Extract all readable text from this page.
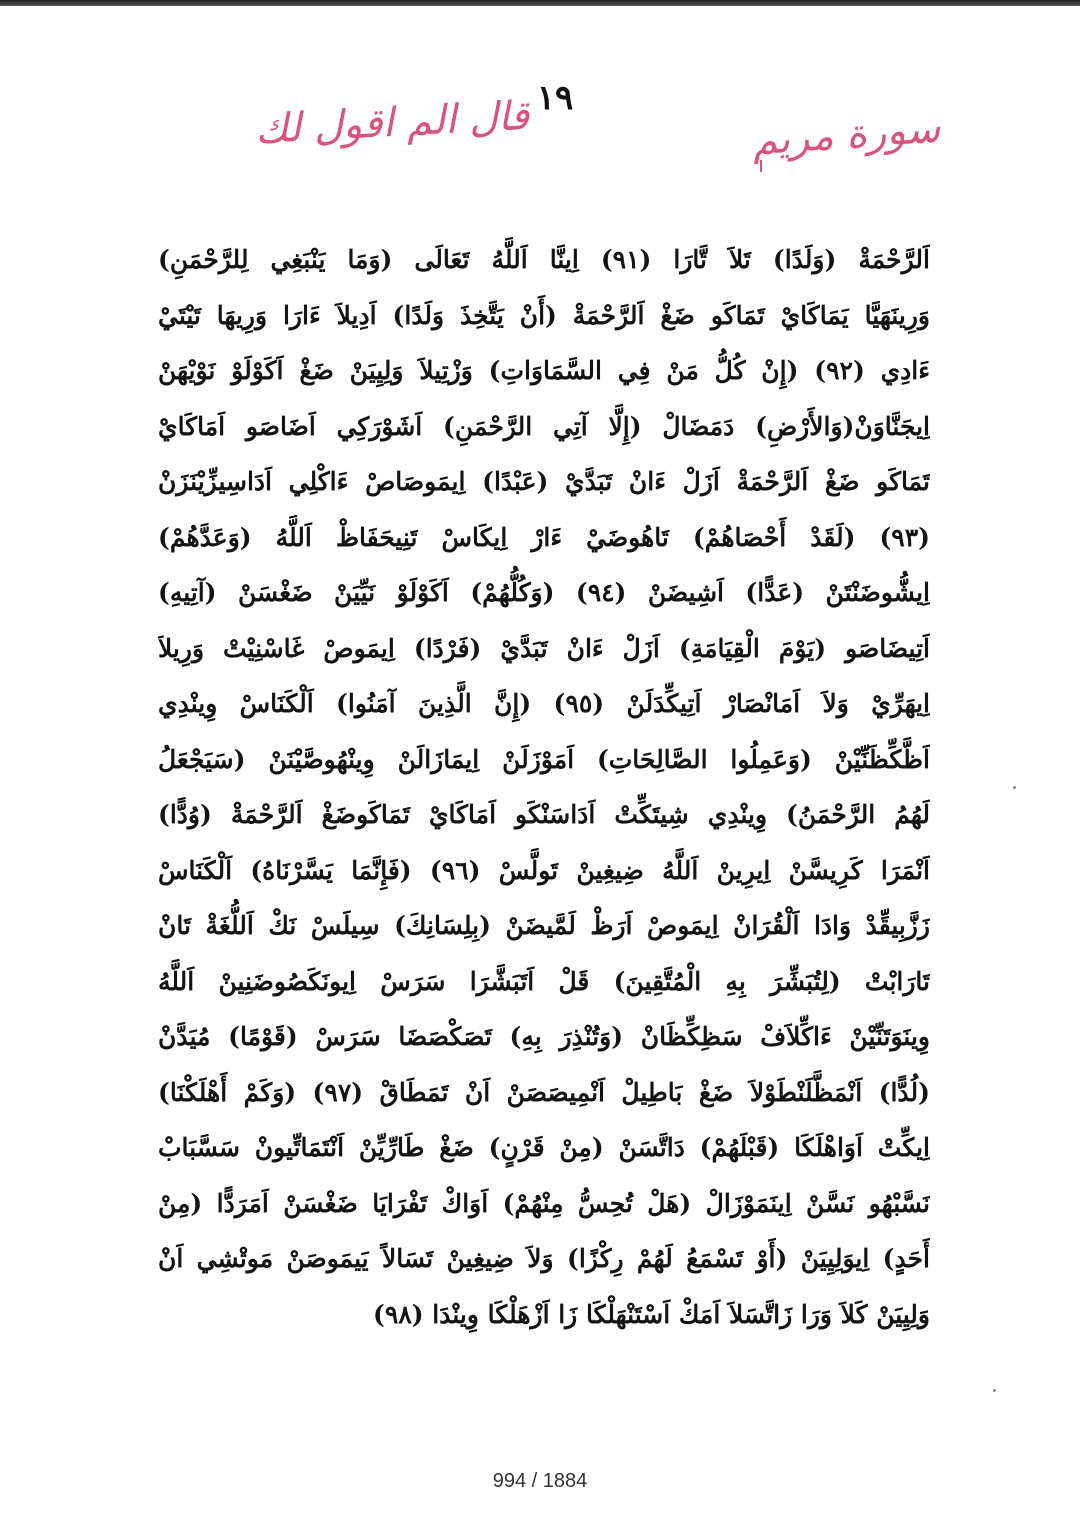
١٩
قال الم اقول لك	سورة مريم
اَلرَّحْمَةْ (وَلَدًا) تَلاَ تَّارَا (٩١) اِينَّا اَللَّهُ تَعَالَى (وَمَا يَنْبَغِي لِلرَّحْمَنِ)
وَرِينَهَيَّا يَمَاكَايْ تَمَاكَو ضَغْ اَلرَّحْمَةْ (أَنْ يَتَّخِذَ وَلَدًا) اَدِيلاَ ءَارَا وَرِيهَا تَيْتَيْ
ءَادِي (٩٢) (إِنْ كُلُّ مَنْ فِي السَّمَاوَاتِ) وَزْتِيلاَ وَلِيِيَنْ ضَغْ اَكَوْلَوْ نَوْيْهَنْ
اِيجَنَّاوَنْ(وَالأَرْضِ) دَمَضَالْ (إِلَّا آتِي الرَّحْمَنِ) اَشَوْرَكِي اَضَاصَو اَمَاكَايْ
تَمَاكَو ضَغْ اَلرَّحْمَةْ اَزَلْ ءَانْ تَبَدَّيْ (عَبْدًا) اِيمَوصَاصْ ءَاكْلِي اَدَاسِيزِّيْنَزَنْ
(٩٣) (لَقَدْ أَحْصَاهُمْ) تَاهُوضَيْ ءَارْ اِيكَاسْ تَنِيحَفَاظْ اَللَّهُ (وَعَدَّهُمْ)
اِيشُّوضَنْتَنْ (عَدًّا) اَشِيضَنْ (٩٤) (وَكُلُّهُمْ) اَكَوْلَوْ نَيِّيَنْ ضَغْسَنْ (آتِيهِ)
اَتِيضَاصَو (يَوْمَ الْقِيَامَةِ) اَزَلْ ءَانْ تَبَدَّيْ (فَرْدًا) اِيمَوصْ غَاسْنِيْتْ وَرِيلاَ
اِيهَرِّيْ وَلاَ اَمَانْصَارْ اَتِيكِّدَلَنْ (٩٥) (إِنَّ الَّذِينَ آمَنُوا) اَلْكَنَاسْ وِينْدِي
اَظَّكِّظَنِّيْنْ (وَعَمِلُوا الصَّالِحَاتِ) اَمَوْزَلَنْ اِيمَازَالَنْ وِينْهُوصَّيْنَنْ (سَيَجْعَلُ
لَهُمُ الرَّحْمَنُ) وِينْدِي شِيتَكِّتْ اَدَاسَنْكَو اَمَاكَايْ تَمَاكَوضَغْ اَلرَّحْمَةْ (وُدًّا)
اَنْمَرَا كَرِيسَّنْ اِيرِينْ اَللَّهُ ضِيغِينْ تَولَّسْ (٩٦) (فَإِنَّمَا يَسَّرْنَاهُ) اَلْكَنَاسْ
زَزَّبِيقِّدْ وَادَا اَلْقُرَانْ اِيمَوصْ اَرَظْ لَمَّيضَنْ (بِلِسَانِكَ) سِيلَسْ نَكْ اَللُّغَةْ تَانْ
تَارَابْتْ (لِتُبَشِّرَ بِهِ الْمُتَّقِينَ) قَلْ اَتَبَشَّرَا سَرَسْ اِيونَكَصُوضَنِينْ اَللَّهُ
وِينَوَتَنِّيْنْ ءَاكِّلاَفْ سَظِكِّظَانْ (وَتُنْذِرَ بِهِ) تَصَكْصَضَا سَرَسْ (قَوْمًا) مُيَدَّنْ
(لُدًّا) اَنْمَظَّلَنْطَوْلاَ ضَغْ بَاطِيلْ اَنْمِيصَصَنْ اَنْ تَمَطَاقْ (٩٧) (وَكَمْ أَهْلَكْنَا)
اِيكِّتْ اَوَاهْلَكَا (قَبْلَهُمْ) دَاتَّسَنْ (مِنْ قَرْنٍ) ضَغْ طَارِّيِّنْ اَنْتَمَاتِّيونْ سَسَّبَابْ
نَسَّبْهُو نَسَّنْ اِينَمَوْزَالْ (هَلْ تُحِسُّ مِنْهُمْ) اَوَاكْ تَفْرَايَا ضَغْسَنْ اَمَرَدًّا (مِنْ
أَحَدٍ) اِيوَلِيِيَنْ (أَوْ تَسْمَعُ لَهُمْ رِكْزًا) وَلاَ ضِيغِينْ تَسَالاً يَيمَوصَنْ مَوتْشِي اَنْ
وَلِيِيَنْ كَلاَ وَرَا زَاتَّسَلاَ اَمَكْ اَسْتَنْهَلْكَا زَا اَزْهَلْكَا وِينْدَا (٩٨)
994 / 1884
